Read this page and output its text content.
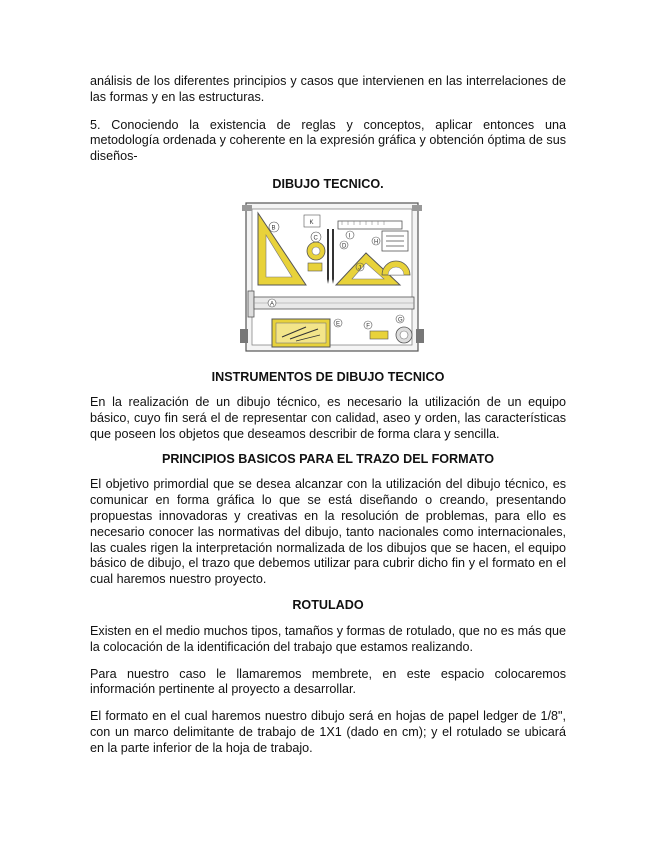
análisis de los diferentes principios y casos que intervienen en las interrelaciones de las formas y en las estructuras.

5. Conociendo la existencia de reglas y conceptos, aplicar entonces una metodología ordenada y coherente en la expresión gráfica y obtención óptima de sus diseños-

DIBUJO TECNICO.

B
C
K
I
H
J
A
E	F
G
D

INSTRUMENTOS DE DIBUJO TECNICO

En la realización de un dibujo técnico, es necesario la utilización de un equipo básico, cuyo fin será el de representar con calidad, aseo y orden, las características que poseen los objetos que deseamos describir de forma clara y sencilla.

PRINCIPIOS BASICOS PARA EL TRAZO DEL FORMATO

El objetivo primordial que se desea alcanzar con la utilización del dibujo técnico, es comunicar en forma gráfica lo que se está diseñando o creando, presentando propuestas innovadoras y creativas en la resolución de problemas, para ello es necesario conocer las normativas del dibujo, tanto nacionales como internacionales, las cuales rigen la interpretación normalizada de los dibujos que se hacen, el equipo básico de dibujo, el trazo que debemos utilizar para cubrir dicho fin y el formato en el cual haremos nuestro proyecto.

ROTULADO

Existen en el medio muchos tipos, tamaños y formas de rotulado, que no es más que la colocación de la identificación del trabajo que estamos realizando.

Para nuestro caso le llamaremos membrete, en este espacio colocaremos información pertinente al proyecto a desarrollar.

El formato en el cual haremos nuestro dibujo será en hojas de papel ledger de 1/8", con un marco delimitante de trabajo de 1X1 (dado en cm); y el rotulado se ubicará en la parte inferior de la hoja de trabajo.
